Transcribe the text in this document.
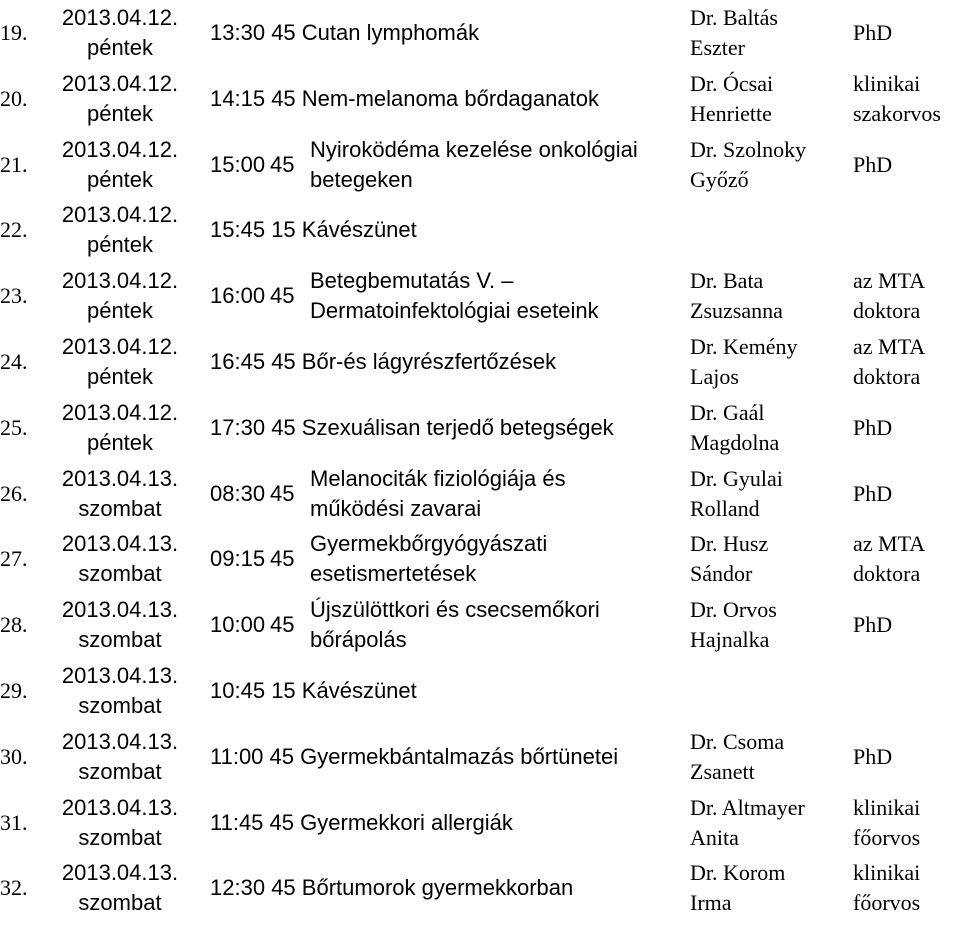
19.
2013.04.12.
péntek
13:30
45
Cutan lymphomák
Dr. Baltás
Eszter
PhD
20.
2013.04.12.
péntek
14:15
45
Nem-melanoma bőrdaganatok
Dr. Ócsai
Henriette
klinikai
szakorvos
21.
2013.04.12.
péntek
15:00 45
Nyiroködéma kezelése onkológiai
betegeken
Dr. Szolnoky
Győző
PhD
22.
2013.04.12.
péntek
15:45
15
Kávészünet
23.
2013.04.12.
péntek
16:00 45
Betegbemutatás V. –
Dermatoinfektológiai eseteink
Dr. Bata
Zsuzsanna
az MTA
doktora
24.
2013.04.12.
péntek
16:45
45
Bőr-és lágyrészfertőzések
Dr. Kemény
Lajos
az MTA
doktora
25.
2013.04.12.
péntek
17:30
45
Szexuálisan terjedő betegségek
Dr. Gaál
Magdolna
PhD
26.
2013.04.13.
szombat
08:30 45
Melanociták fiziológiája és
működési zavarai
Dr. Gyulai
Rolland
PhD
27.
2013.04.13.
szombat
09:15 45
Gyermekbőrgyógyászati
esetismertetések
Dr. Husz
Sándor
az MTA
doktora
28.
2013.04.13.
szombat
10:00 45
Újszülöttkori és csecsemőkori
bőrápolás
Dr. Orvos
Hajnalka
PhD
29.
2013.04.13.
szombat
10:45
15
Kávészünet
30.
2013.04.13.
szombat
11:00
45
Gyermekbántalmazás bőrtünetei
Dr. Csoma
Zsanett
PhD
31.
2013.04.13.
szombat
11:45
45
Gyermekkori allergiák
Dr. Altmayer
Anita
klinikai
főorvos
32.
2013.04.13.
szombat
12:30
45
Bőrtumorok gyermekkorban
Dr. Korom
Irma
klinikai
főorvos
